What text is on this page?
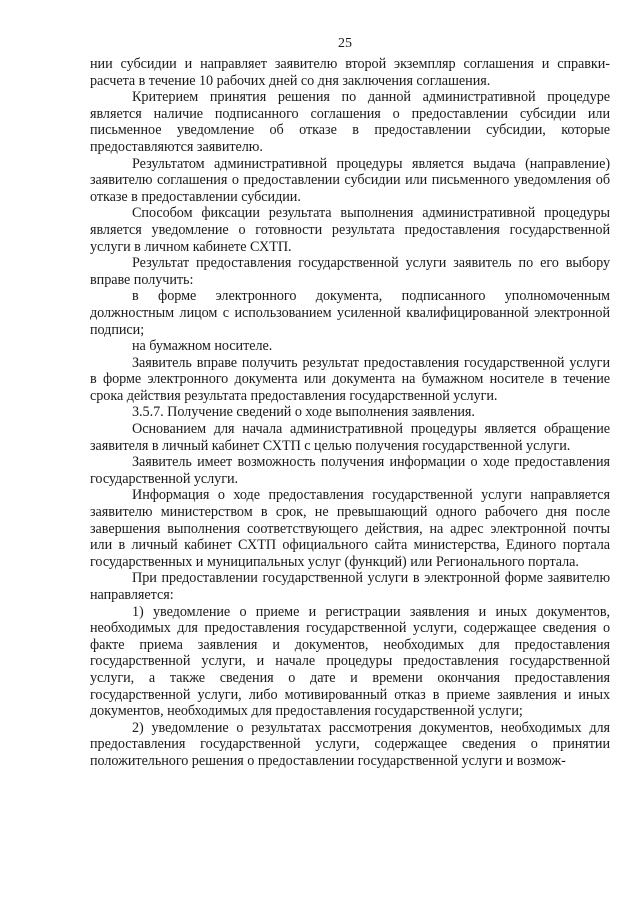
25

нии субсидии и направляет заявителю второй экземпляр соглашения и справки-расчета в течение 10 рабочих дней со дня заключения соглашения.

Критерием принятия решения по данной административной процедуре является наличие подписанного соглашения о предоставлении субсидии или письменное уведомление об отказе в предоставлении субсидии, которые предоставляются заявителю.

Результатом административной процедуры является выдача (направление) заявителю соглашения о предоставлении субсидии или письменного уведомления об отказе в предоставлении субсидии.

Способом фиксации результата выполнения административной процедуры является уведомление о готовности результата предоставления государственной услуги в личном кабинете СХТП.

Результат предоставления государственной услуги заявитель по его выбору вправе получить:

в форме электронного документа, подписанного уполномоченным должностным лицом с использованием усиленной квалифицированной электронной подписи;

на бумажном носителе.

Заявитель вправе получить результат предоставления государственной услуги в форме электронного документа или документа на бумажном носителе в течение срока действия результата предоставления государственной услуги.

3.5.7. Получение сведений о ходе выполнения заявления.

Основанием для начала административной процедуры является обращение заявителя в личный кабинет СХТП с целью получения государственной услуги.

Заявитель имеет возможность получения информации о ходе предоставления государственной услуги.

Информация о ходе предоставления государственной услуги направляется заявителю министерством в срок, не превышающий одного рабочего дня после завершения выполнения соответствующего действия, на адрес электронной почты или в личный кабинет СХТП официального сайта министерства, Единого портала государственных и муниципальных услуг (функций) или Регионального портала.

При предоставлении государственной услуги в электронной форме заявителю направляется:

1) уведомление о приеме и регистрации заявления и иных документов, необходимых для предоставления государственной услуги, содержащее сведения о факте приема заявления и документов, необходимых для предоставления государственной услуги, и начале процедуры предоставления государственной услуги, а также сведения о дате и времени окончания предоставления государственной услуги, либо мотивированный отказ в приеме заявления и иных документов, необходимых для предоставления государственной услуги;

2) уведомление о результатах рассмотрения документов, необходимых для предоставления государственной услуги, содержащее сведения о принятии положительного решения о предоставлении государственной услуги и возмож-
